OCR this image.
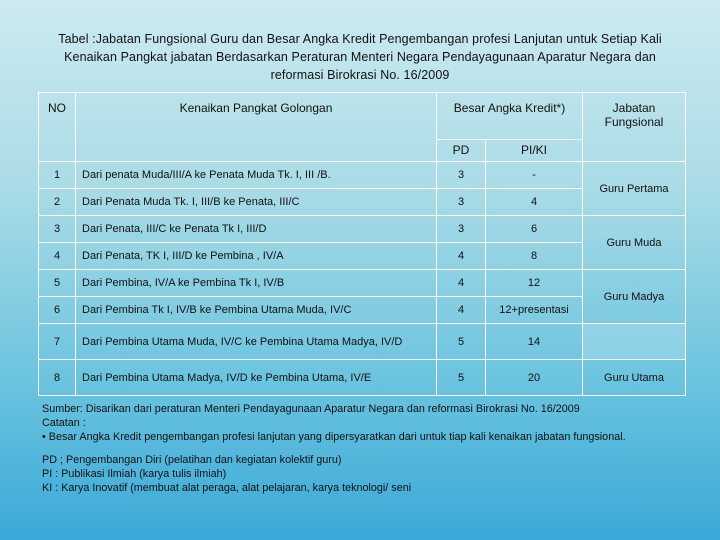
Tabel :Jabatan Fungsional Guru dan Besar Angka Kredit Pengembangan profesi Lanjutan untuk Setiap Kali Kenaikan Pangkat jabatan Berdasarkan Peraturan Menteri Negara Pendayagunaan Aparatur Negara dan reformasi Birokrasi No. 16/2009
NO	Kenaikan Pangkat Golongan	Besar Angka Kredit*)		Jabatan Fungsional
		PD	PI/KI	
1	Dari penata Muda/III/A ke Penata Muda Tk. I, III /B.	3	-	Guru Pertama
2	Dari Penata Muda Tk. I, III/B ke Penata, III/C	3	4	
3	Dari Penata, III/C ke Penata Tk I, III/D	3	6	Guru Muda
4	Dari Penata, TK I, III/D ke Pembina , IV/A	4	8	
5	Dari Pembina, IV/A ke Pembina Tk I, IV/B	4	12	Guru Madya
6	Dari Pembina Tk I, IV/B ke Pembina Utama Muda, IV/C	4	12+presentasi	
7	Dari Pembina Utama Muda, IV/C ke Pembina Utama Madya, IV/D	5	14	
8	Dari Pembina Utama Madya, IV/D ke Pembina Utama, IV/E	5	20	Guru Utama

Sumber: Disarikan dari peraturan Menteri Pendayagunaan Aparatur Negara dan reformasi Birokrasi No. 16/2009

Catatan :

• Besar Angka Kredit pengembangan profesi lanjutan yang dipersyaratkan dari untuk tiap kali kenaikan jabatan fungsional.

PD ; Pengembangan Diri (pelatihan dan kegiatan kolektif guru)

PI : Publikasi Ilmiah (karya tulis ilmiah)

KI : Karya Inovatif (membuat alat peraga, alat pelajaran, karya teknologi/ seni
